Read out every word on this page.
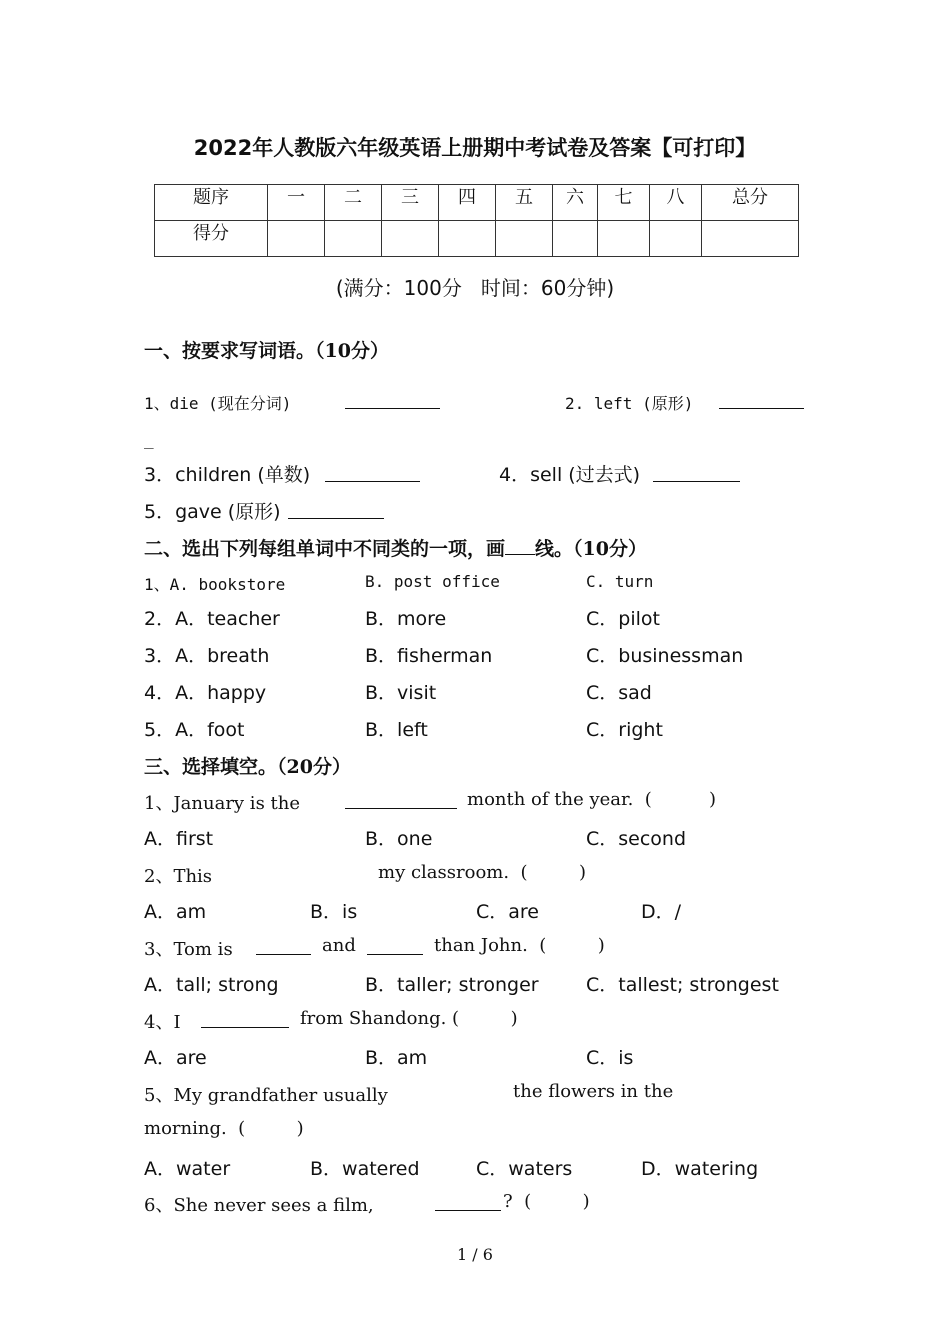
2022年人教版六年级英语上册期中考试卷及答案【可打印】
题序	一	二	三	四	五	六	七	八	总分
得分									
(满分：100分   时间：60分钟)
一、按要求写词语。（10分）
1、die (现在分词)	2. left (原形)
_
3．children (单数)	4．sell (过去式)
5．gave (原形)
二、选出下列每组单词中不同类的一项，画 线。（10分）
1、A. bookstore	B. post office	C. turn
2．A．teacher	B．more	C．pilot
3．A．breath	B．fisherman	C．businessman
4．A．happy	B．visit	C．sad
5．A．foot	B．left	C．right
三、选择填空。（20分）
1、January is the	month of the year.  (          )
A．first	B．one	C．second
2、This	my classroom.  (         )
A．am	B．is	C．are	D．/
3、Tom is	and	than John.  (         )
A．tall; strong	B．taller; stronger C．tallest; strongest
4、I	from Shandong. (         )
A．are	B．am	C．is
5、My grandfather usually	the flowers in the
morning.  (         )
A．water	B．watered	C．waters	D．watering
6、She never sees a film,	?  (         )
1 / 6
